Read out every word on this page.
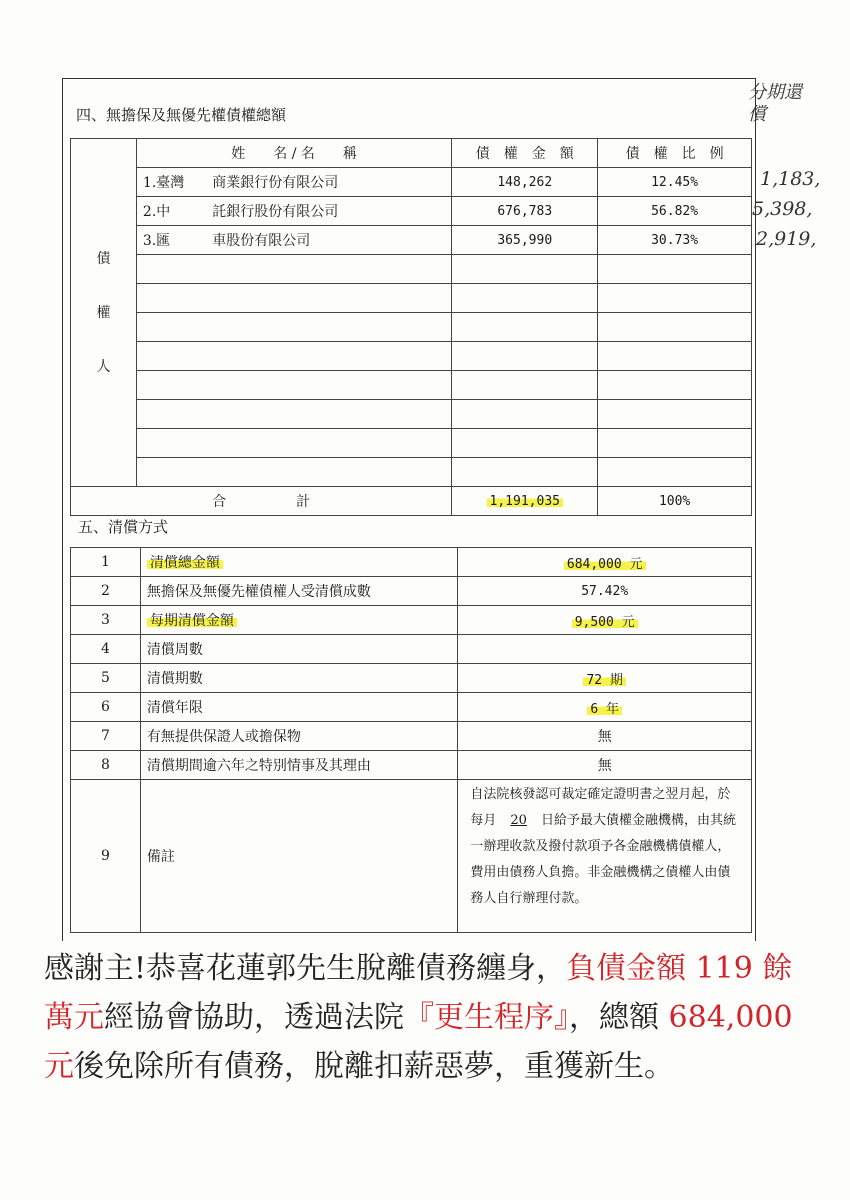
四、無擔保及無優先權債權總額
債
權
人	姓　　名 / 名　　稱	債　權　金　額	債　權　比　例
	1.臺灣　　商業銀行份有限公司	148,262	12.45%
	2.中　　　託銀行股份有限公司	676,783	56.82%
	3.匯　　　車股份有限公司	365,990	30.73%

合　　　　　計		1,191,035	100%
五、清償方式
1	清償總金額	684,000 元
2	無擔保及無優先權債權人受清償成數	57.42%
3	每期清償金額	9,500 元
4	清償周數	
5	清償期數	72 期
6	清償年限	6 年
7	有無提供保證人或擔保物	無
8	清償期間逾六年之特別情事及其理由	無
9	備註	自法院核發認可裁定確定證明書之翌月起，於每月 20 日給予最大債權金融機構，由其統一辦理收款及撥付款項予各金融機構債權人，費用由債務人負擔。非金融機構之債權人由債務人自行辦理付款。
分期還償
1,183,
5,398,
2,919,
感謝主!恭喜花蓮郭先生脫離債務纏身，負債金額 119 餘萬元經協會協助，透過法院『更生程序』，總額 684,000 元後免除所有債務，脫離扣薪惡夢，重獲新生。
